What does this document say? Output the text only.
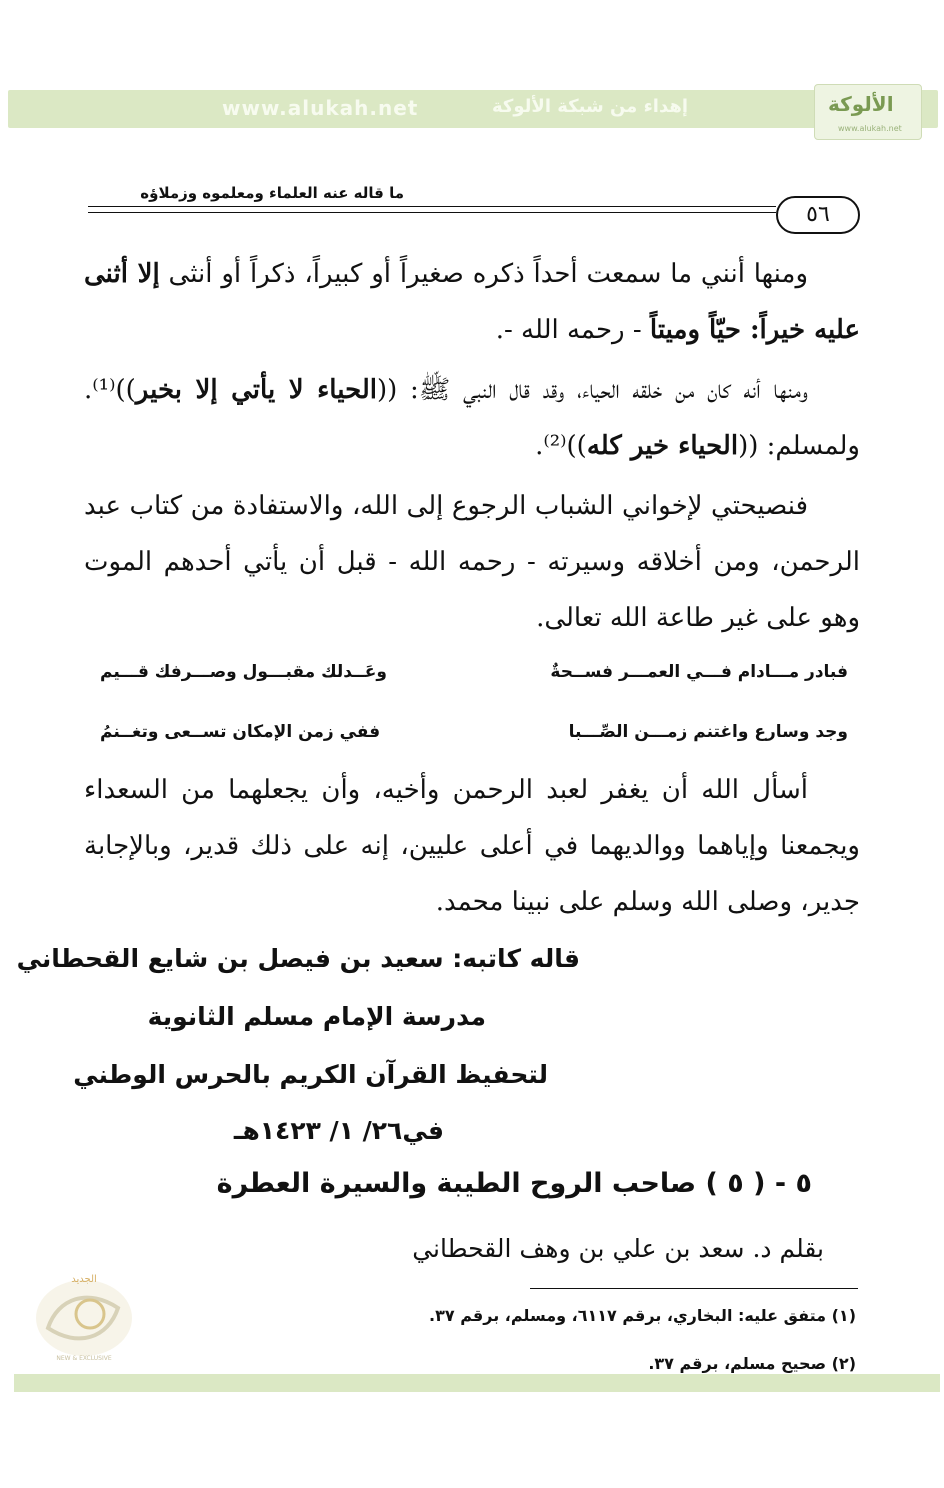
www.alukah.net	إهداء من شبكة الألوكة	الألوكة
www.alukah.net
ما قاله عنه العلماء ومعلموه وزملاؤه
٥٦

  ومنها أنني ما سمعت أحداً ذكره صغيراً أو كبيراً، ذكراً أو أنثى إلا أثنى عليه خيراً: حيّاً وميتاً - رحمه الله -.

  ومنها أنه كان من خلقه الحياء، وقد قال النبي ﷺ: ((الحياء لا يأتي إلا بخير))⁽¹⁾. ولمسلم: ((الحياء خير كله))⁽²⁾.

  فنصيحتي لإخواني الشباب الرجوع إلى الله، والاستفادة من كتاب عبد الرحمن، ومن أخلاقه وسيرته - رحمه الله - قبل أن يأتي أحدهم الموت وهو على غير طاعة الله تعالى.

فبادر مـــادام فـــي العمـــر فســحةٌ
وعَــدلك مقبـــول وصـــرفك قـــيم
وجد وسارع واغتنم زمـــن الصِّـــبا
ففي زمن الإمكان تســعى وتغــنمُ

  أسأل الله أن يغفر لعبد الرحمن وأخيه، وأن يجعلهما من السعداء ويجمعنا وإياهما ووالديهما في أعلى عليين، إنه على ذلك قدير، وبالإجابة جدير، وصلى الله وسلم على نبينا محمد.

قاله كاتبه: سعيد بن فيصل بن شايع القحطاني
مدرسة الإمام مسلم الثانوية
لتحفيظ القرآن الكريم بالحرس الوطني
في٢٦/ ١/ ١٤٢٣هـ
٥ - ( ٥ ) صاحب الروح الطيبة والسيرة العطرة
بقلم د. سعد بن علي بن وهف القحطاني
(١) متفق عليه: البخاري، برقم ٦١١٧، ومسلم، برقم ٣٧.
(٢) صحيح مسلم، برقم ٣٧.
الجديد
NEW & EXCLUSIVE
